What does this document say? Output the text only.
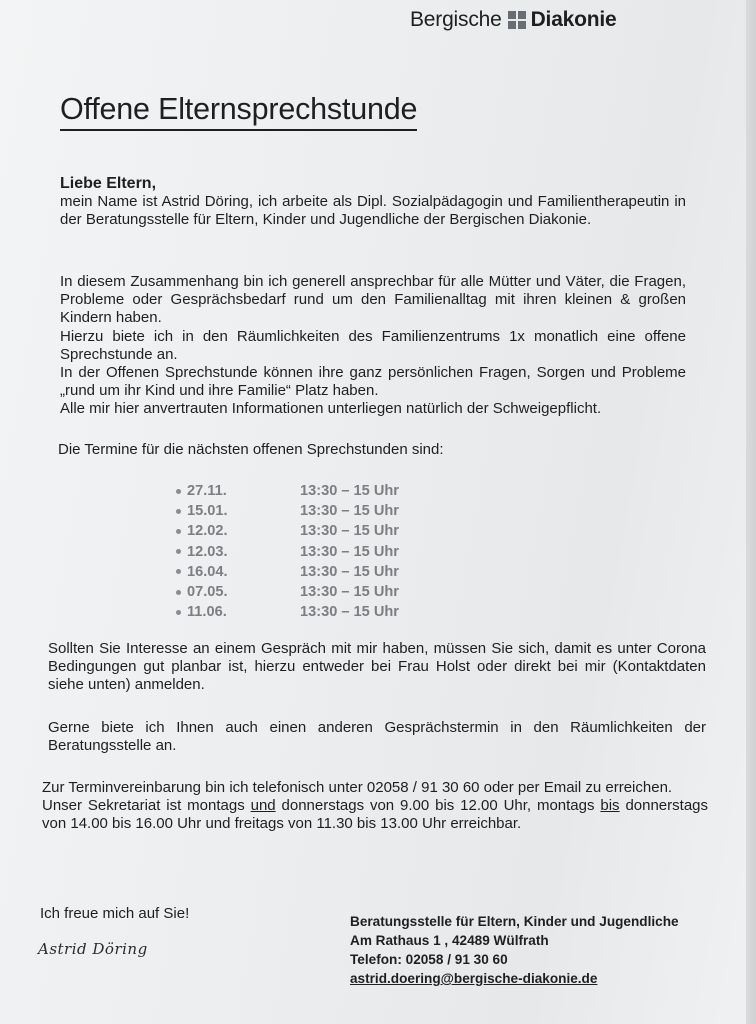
Bergische Diakonie
Offene Elternsprechstunde

Liebe Eltern,

mein Name ist Astrid Döring, ich arbeite als Dipl. Sozialpädagogin und Familientherapeutin in der Beratungsstelle für Eltern, Kinder und Jugendliche der Bergischen Diakonie.

In diesem Zusammenhang bin ich generell ansprechbar für alle Mütter und Väter, die Fragen, Probleme oder Gesprächsbedarf rund um den Familienalltag mit ihren kleinen & großen Kindern haben.

Hierzu biete ich in den Räumlichkeiten des Familienzentrums 1x monatlich eine offene Sprechstunde an.

In der Offenen Sprechstunde können ihre ganz persönlichen Fragen, Sorgen und Probleme „rund um ihr Kind und ihre Familie“ Platz haben.

Alle mir hier anvertrauten Informationen unterliegen natürlich der Schweigepflicht.

Die Termine für die nächsten offenen Sprechstunden sind:

27.11.	13:30 – 15 Uhr
15.01.	13:30 – 15 Uhr
12.02.	13:30 – 15 Uhr
12.03.	13:30 – 15 Uhr
16.04.	13:30 – 15 Uhr
07.05.	13:30 – 15 Uhr
11.06.	13:30 – 15 Uhr

Sollten Sie Interesse an einem Gespräch mit mir haben, müssen Sie sich, damit es unter Corona Bedingungen gut planbar ist, hierzu entweder bei Frau Holst oder direkt bei mir (Kontaktdaten siehe unten) anmelden.

Gerne biete ich Ihnen auch einen anderen Gesprächstermin in den Räumlichkeiten der Beratungsstelle an.

Zur Terminvereinbarung bin ich telefonisch unter 02058 / 91 30 60 oder per Email zu erreichen.

Unser Sekretariat ist montags und donnerstags von 9.00 bis 12.00 Uhr, montags bis donnerstags von 14.00 bis 16.00 Uhr und freitags von 11.30 bis 13.00 Uhr erreichbar.

Ich freue mich auf Sie!
Astrid Döring
Beratungsstelle für Eltern, Kinder und Jugendliche
Am Rathaus 1 , 42489 Wülfrath
Telefon: 02058 / 91 30 60
astrid.doering@bergische-diakonie.de
